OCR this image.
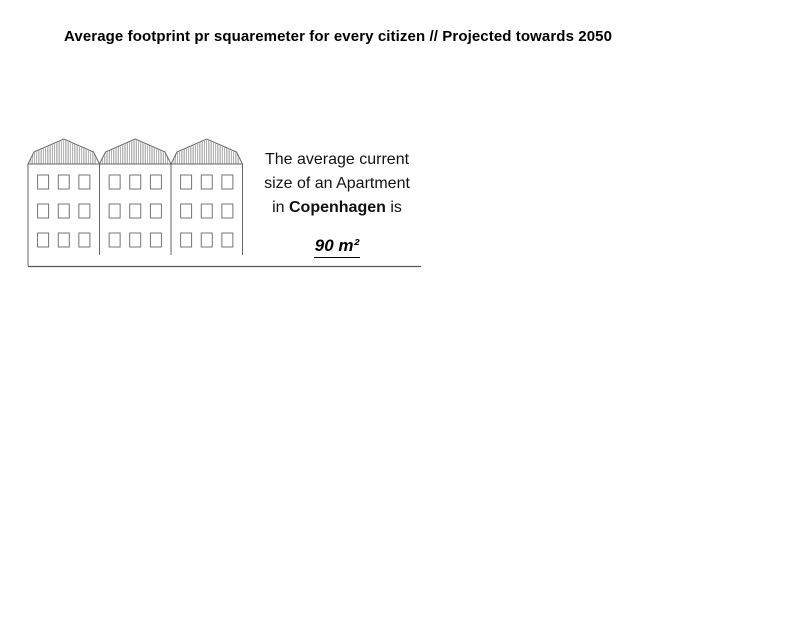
Average footprint pr squaremeter for every citizen // Projected towards 2050
The average current
size of an Apartment
in Copenhagen is
90 m²
